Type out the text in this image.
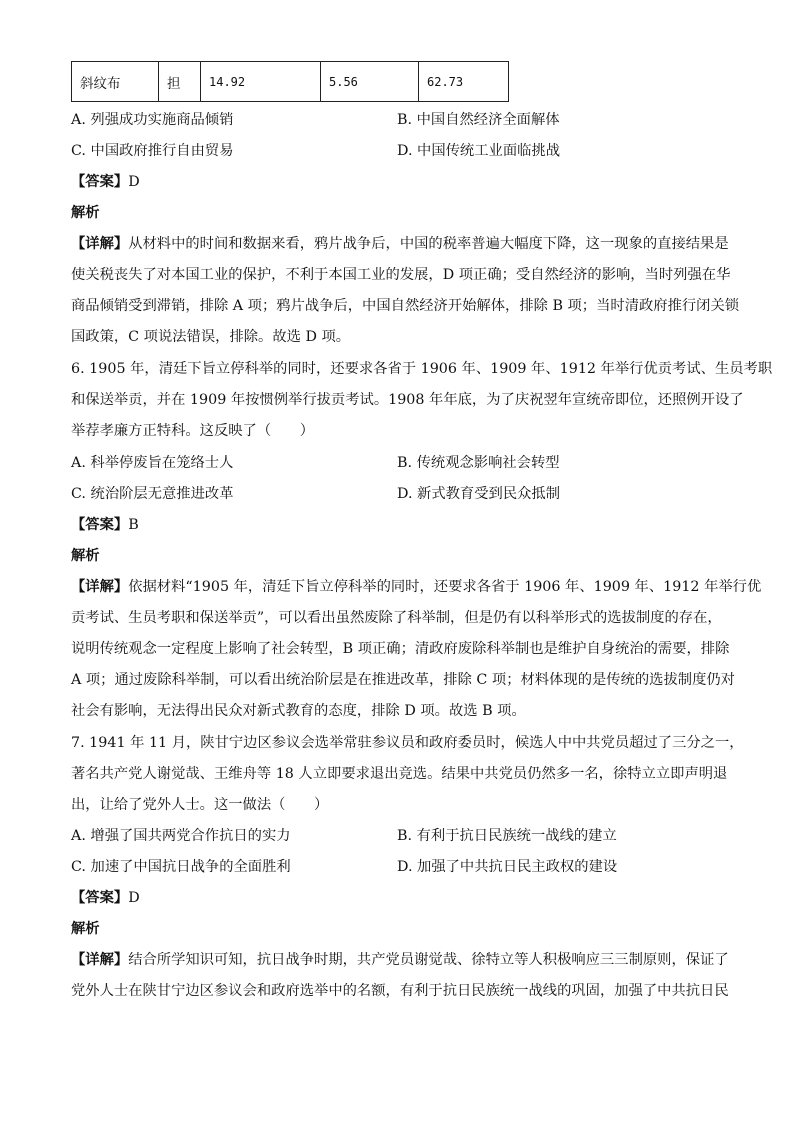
斜纹布	担	14.92	5.56	62.73
A. 列强成功实施商品倾销	B. 中国自然经济全面解体
C. 中国政府推行自由贸易	D. 中国传统工业面临挑战
【答案】D
解析
【详解】从材料中的时间和数据来看，鸦片战争后，中国的税率普遍大幅度下降，这一现象的直接结果是
使关税丧失了对本国工业的保护，不利于本国工业的发展，D 项正确；受自然经济的影响，当时列强在华
商品倾销受到滞销，排除 A 项；鸦片战争后，中国自然经济开始解体，排除 B 项；当时清政府推行闭关锁
国政策，C 项说法错误，排除。故选 D 项。
6. 1905 年，清廷下旨立停科举的同时，还要求各省于 1906 年、1909 年、1912 年举行优贡考试、生员考职
和保送举贡，并在 1909 年按惯例举行拔贡考试。1908 年年底，为了庆祝翌年宣统帝即位，还照例开设了
举荐孝廉方正特科。这反映了（　　）
A. 科举停废旨在笼络士人	B. 传统观念影响社会转型
C. 统治阶层无意推进改革	D. 新式教育受到民众抵制
【答案】B
解析
【详解】依据材料“1905 年，清廷下旨立停科举的同时，还要求各省于 1906 年、1909 年、1912 年举行优
贡考试、生员考职和保送举贡”，可以看出虽然废除了科举制，但是仍有以科举形式的选拔制度的存在，
说明传统观念一定程度上影响了社会转型，B 项正确；清政府废除科举制也是维护自身统治的需要，排除
A 项；通过废除科举制，可以看出统治阶层是在推进改革，排除 C 项；材料体现的是传统的选拔制度仍对
社会有影响，无法得出民众对新式教育的态度，排除 D 项。故选 B 项。
7. 1941 年 11 月，陕甘宁边区参议会选举常驻参议员和政府委员时，候选人中中共党员超过了三分之一，
著名共产党人谢觉哉、王维舟等 18 人立即要求退出竞选。结果中共党员仍然多一名，徐特立立即声明退
出，让给了党外人士。这一做法（　　）
A. 增强了国共两党合作抗日的实力	B. 有利于抗日民族统一战线的建立
C. 加速了中国抗日战争的全面胜利	D. 加强了中共抗日民主政权的建设
【答案】D
解析
【详解】结合所学知识可知，抗日战争时期，共产党员谢觉哉、徐特立等人积极响应三三制原则，保证了
党外人士在陕甘宁边区参议会和政府选举中的名额，有利于抗日民族统一战线的巩固，加强了中共抗日民
